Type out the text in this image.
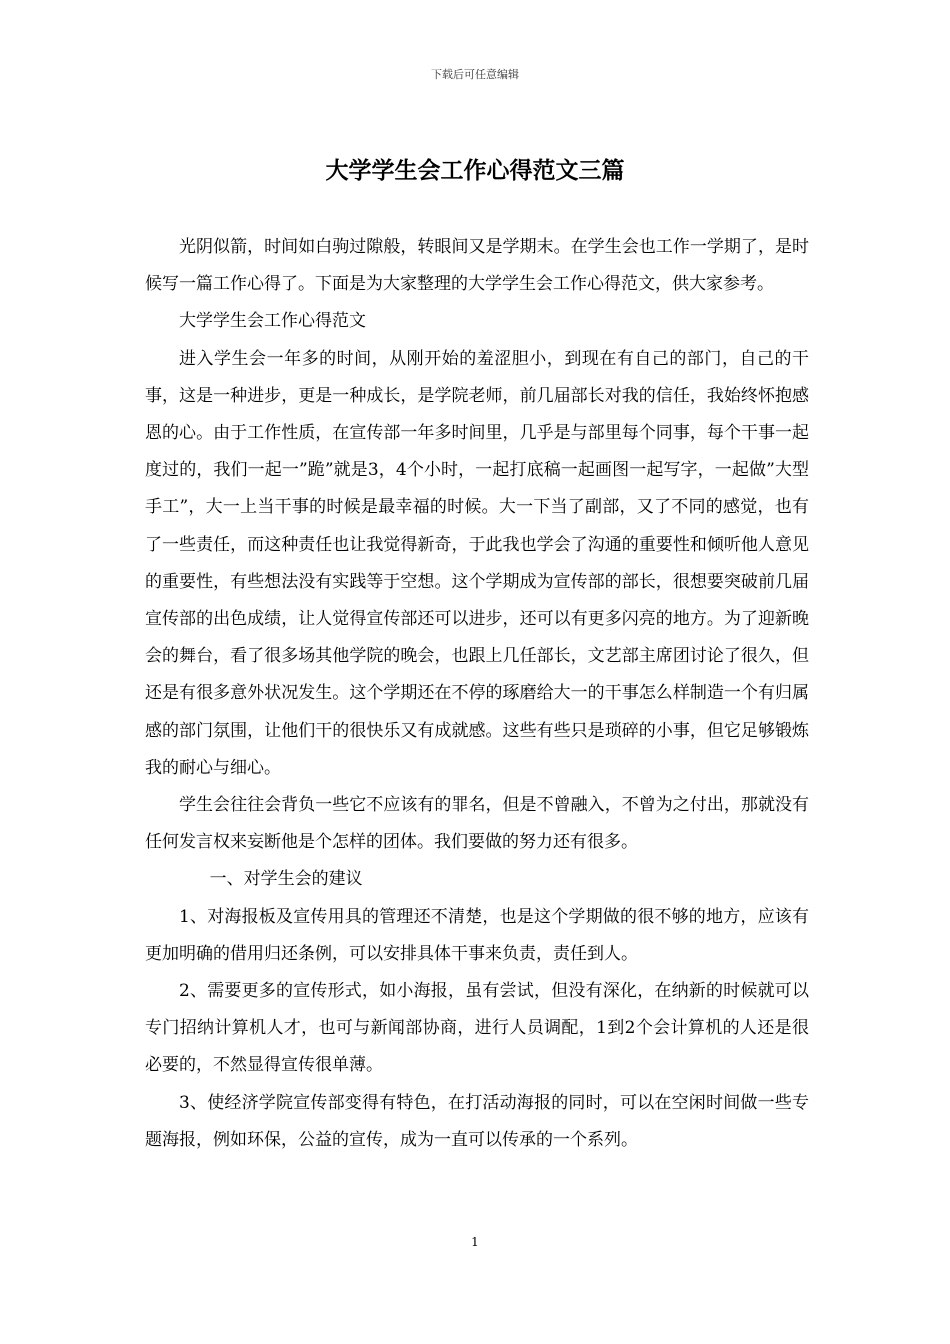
下载后可任意编辑
大学学生会工作心得范文三篇

光阴似箭，时间如白驹过隙般，转眼间又是学期末。在学生会也工作一学期了，是时候写一篇工作心得了。下面是为大家整理的大学学生会工作心得范文，供大家参考。

大学学生会工作心得范文

进入学生会一年多的时间，从刚开始的羞涩胆小，到现在有自己的部门，自己的干事，这是一种进步，更是一种成长，是学院老师，前几届部长对我的信任，我始终怀抱感恩的心。由于工作性质，在宣传部一年多时间里，几乎是与部里每个同事，每个干事一起度过的，我们一起一”跪”就是3，4个小时，一起打底稿一起画图一起写字，一起做”大型手工”，大一上当干事的时候是最幸福的时候。大一下当了副部，又了不同的感觉，也有了一些责任，而这种责任也让我觉得新奇，于此我也学会了沟通的重要性和倾听他人意见的重要性，有些想法没有实践等于空想。这个学期成为宣传部的部长，很想要突破前几届宣传部的出色成绩，让人觉得宣传部还可以进步，还可以有更多闪亮的地方。为了迎新晚会的舞台，看了很多场其他学院的晚会，也跟上几任部长，文艺部主席团讨论了很久，但还是有很多意外状况发生。这个学期还在不停的琢磨给大一的干事怎么样制造一个有归属感的部门氛围，让他们干的很快乐又有成就感。这些有些只是琐碎的小事，但它足够锻炼我的耐心与细心。

学生会往往会背负一些它不应该有的罪名，但是不曾融入，不曾为之付出，那就没有任何发言权来妄断他是个怎样的团体。我们要做的努力还有很多。

一、对学生会的建议

1、对海报板及宣传用具的管理还不清楚，也是这个学期做的很不够的地方，应该有更加明确的借用归还条例，可以安排具体干事来负责，责任到人。

2、需要更多的宣传形式，如小海报，虽有尝试，但没有深化，在纳新的时候就可以专门招纳计算机人才，也可与新闻部协商，进行人员调配，1到2个会计算机的人还是很必要的，不然显得宣传很单薄。

3、使经济学院宣传部变得有特色，在打活动海报的同时，可以在空闲时间做一些专题海报，例如环保，公益的宣传，成为一直可以传承的一个系列。

1
